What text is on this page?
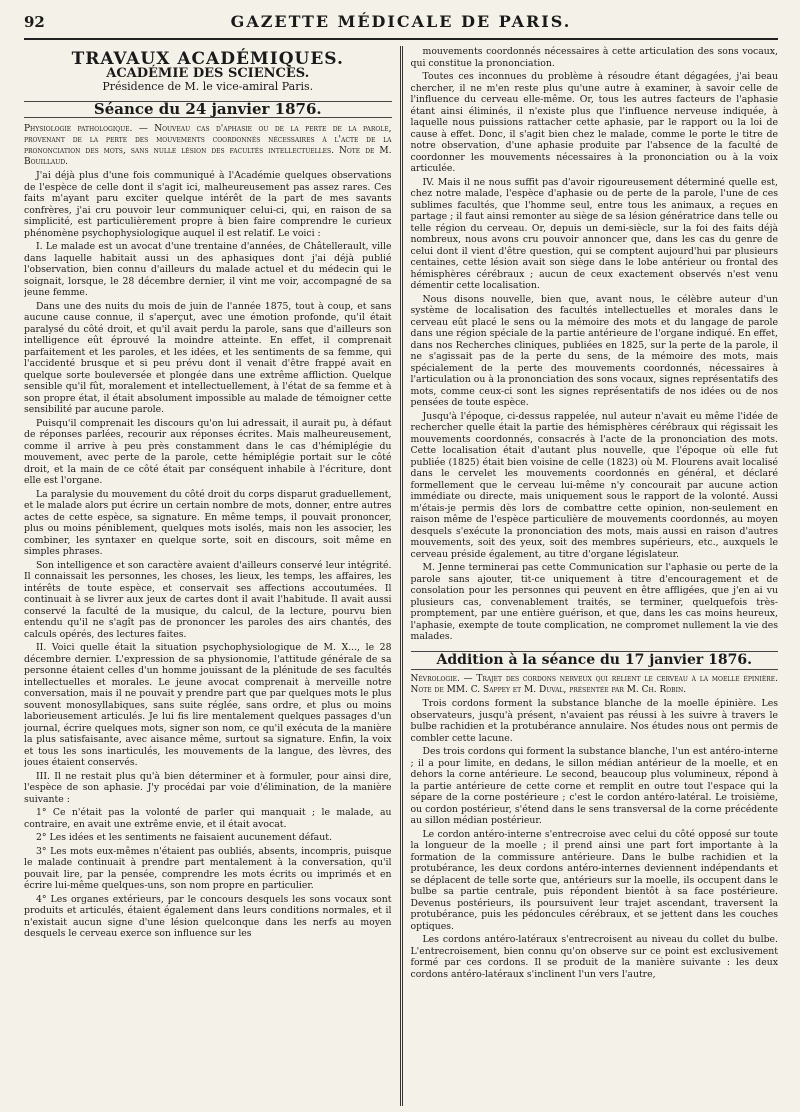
92	GAZETTE MÉDICALE DE PARIS.
TRAVAUX ACADÉMIQUES.
ACADÉMIE DES SCIENCES.
Présidence de M. le vice-amiral Paris.
Séance du 24 janvier 1876.

Physiologie pathologique. — Nouveau cas d'aphasie ou de la perte de la parole, provenant de la perte des mouvements coordonnés nécessaires à l'acte de la prononciation des mots, sans nulle lésion des facultés intellectuelles. Note de M. Bouillaud.

J'ai déjà plus d'une fois communiqué à l'Académie quelques observations de l'espèce de celle dont il s'agit ici, malheureusement pas assez rares. Ces faits m'ayant paru exciter quelque intérêt de la part de mes savants confrères, j'ai cru pouvoir leur communiquer celui-ci, qui, en raison de sa simplicité, est particulièrement propre à bien faire comprendre le curieux phénomène psychophysiologique auquel il est relatif. Le voici :

I. Le malade est un avocat d'une trentaine d'années, de Châtellerault, ville dans laquelle habitait aussi un des aphasiques dont j'ai déjà publié l'observation, bien connu d'ailleurs du malade actuel et du médecin qui le soignait, lorsque, le 28 décembre dernier, il vint me voir, accompagné de sa jeune femme.

Dans une des nuits du mois de juin de l'année 1875, tout à coup, et sans aucune cause connue, il s'aperçut, avec une émotion profonde, qu'il était paralysé du côté droit, et qu'il avait perdu la parole, sans que d'ailleurs son intelligence eût éprouvé la moindre atteinte. En effet, il comprenait parfaitement et les paroles, et les idées, et les sentiments de sa femme, qui l'accidenté brusque et si peu prévu dont il venait d'être frappé avait en quelque sorte bouleversée et plongée dans une extrême affliction. Quelque sensible qu'il fût, moralement et intellectuellement, à l'état de sa femme et à son propre état, il était absolument impossible au malade de témoigner cette sensibilité par aucune parole.

Puisqu'il comprenait les discours qu'on lui adressait, il aurait pu, à défaut de réponses parlées, recourir aux réponses écrites. Mais malheureusement, comme il arrive à peu près constamment dans le cas d'hémiplégie du mouvement, avec perte de la parole, cette hémiplégie portait sur le côté droit, et la main de ce côté était par conséquent inhabile à l'écriture, dont elle est l'organe.

La paralysie du mouvement du côté droit du corps disparut graduellement, et le malade alors put écrire un certain nombre de mots, donner, entre autres actes de cette espèce, sa signature. En même temps, il pouvait prononcer, plus ou moins péniblement, quelques mots isolés, mais non les associer, les combiner, les syntaxer en quelque sorte, soit en discours, soit même en simples phrases.

Son intelligence et son caractère avaient d'ailleurs conservé leur intégrité. Il connaissait les personnes, les choses, les lieux, les temps, les affaires, les intérêts de toute espèce, et conservait ses affections accoutumées. Il continuait à se livrer aux jeux de cartes dont il avait l'habitude. Il avait aussi conservé la faculté de la musique, du calcul, de la lecture, pourvu bien entendu qu'il ne s'agît pas de prononcer les paroles des airs chantés, des calculs opérés, des lectures faites.

II. Voici quelle était la situation psychophysiologique de M. X..., le 28 décembre dernier. L'expression de sa physionomie, l'attitude générale de sa personne étaient celles d'un homme jouissant de la plénitude de ses facultés intellectuelles et morales. Le jeune avocat comprenait à merveille notre conversation, mais il ne pouvait y prendre part que par quelques mots le plus souvent monosyllabiques, sans suite réglée, sans ordre, et plus ou moins laborieusement articulés. Je lui fis lire mentalement quelques passages d'un journal, écrire quelques mots, signer son nom, ce qu'il exécuta de la manière la plus satisfaisante, avec aisance même, surtout sa signature. Enfin, la voix et tous les sons inarticulés, les mouvements de la langue, des lèvres, des joues étaient conservés.

III. Il ne restait plus qu'à bien déterminer et à formuler, pour ainsi dire, l'espèce de son aphasie. J'y procédai par voie d'élimination, de la manière suivante :

1° Ce n'était pas la volonté de parler qui manquait ; le malade, au contraire, en avait une extrême envie, et il était avocat.

2° Les idées et les sentiments ne faisaient aucunement défaut.

3° Les mots eux-mêmes n'étaient pas oubliés, absents, incompris, puisque le malade continuait à prendre part mentalement à la conversation, qu'il pouvait lire, par la pensée, comprendre les mots écrits ou imprimés et en écrire lui-même quelques-uns, son nom propre en particulier.

4° Les organes extérieurs, par le concours desquels les sons vocaux sont produits et articulés, étaient également dans leurs conditions normales, et il n'existait aucun signe d'une lésion quelconque dans les nerfs au moyen desquels le cerveau exerce son influence sur les

mouvements coordonnés nécessaires à cette articulation des sons vocaux, qui constitue la prononciation.

Toutes ces inconnues du problème à résoudre étant dégagées, j'ai beau chercher, il ne m'en reste plus qu'une autre à examiner, à savoir celle de l'influence du cerveau elle-même. Or, tous les autres facteurs de l'aphasie étant ainsi éliminés, il n'existe plus que l'influence nerveuse indiquée, à laquelle nous puissions rattacher cette aphasie, par le rapport ou la loi de cause à effet. Donc, il s'agit bien chez le malade, comme le porte le titre de notre observation, d'une aphasie produite par l'absence de la faculté de coordonner les mouvements nécessaires à la prononciation ou à la voix articulée.

IV. Mais il ne nous suffit pas d'avoir rigoureusement déterminé quelle est, chez notre malade, l'espèce d'aphasie ou de perte de la parole, l'une de ces sublimes facultés, que l'homme seul, entre tous les animaux, a reçues en partage ; il faut ainsi remonter au siège de sa lésion génératrice dans telle ou telle région du cerveau. Or, depuis un demi-siècle, sur la foi des faits déjà nombreux, nous avons cru pouvoir annoncer que, dans les cas du genre de celui dont il vient d'être question, qui se comptent aujourd'hui par plusieurs centaines, cette lésion avait son siège dans le lobe antérieur ou frontal des hémisphères cérébraux ; aucun de ceux exactement observés n'est venu démentir cette localisation.

Nous disons nouvelle, bien que, avant nous, le célèbre auteur d'un système de localisation des facultés intellectuelles et morales dans le cerveau eût placé le sens ou la mémoire des mots et du langage de parole dans une région spéciale de la partie antérieure de l'organe indiqué. En effet, dans nos Recherches cliniques, publiées en 1825, sur la perte de la parole, il ne s'agissait pas de la perte du sens, de la mémoire des mots, mais spécialement de la perte des mouvements coordonnés, nécessaires à l'articulation ou à la prononciation des sons vocaux, signes représentatifs des mots, comme ceux-ci sont les signes représentatifs de nos idées ou de nos pensées de toute espèce.

Jusqu'à l'époque, ci-dessus rappelée, nul auteur n'avait eu même l'idée de rechercher quelle était la partie des hémisphères cérébraux qui régissait les mouvements coordonnés, consacrés à l'acte de la prononciation des mots. Cette localisation était d'autant plus nouvelle, que l'époque où elle fut publiée (1825) était bien voisine de celle (1823) où M. Flourens avait localisé dans le cervelet les mouvements coordonnés en général, et déclaré formellement que le cerveau lui-même n'y concourait par aucune action immédiate ou directe, mais uniquement sous le rapport de la volonté. Aussi m'étais-je permis dès lors de combattre cette opinion, non-seulement en raison même de l'espèce particulière de mouvements coordonnés, au moyen desquels s'exécute la prononciation des mots, mais aussi en raison d'autres mouvements, soit des yeux, soit des membres supérieurs, etc., auxquels le cerveau préside également, au titre d'organe législateur.

M. Jenne terminerai pas cette Communication sur l'aphasie ou perte de la parole sans ajouter, tit-ce uniquement à titre d'encouragement et de consolation pour les personnes qui peuvent en être affligées, que j'en ai vu plusieurs cas, convenablement traités, se terminer, quelquefois très-promptement, par une entière guérison, et que, dans les cas moins heureux, l'aphasie, exempte de toute complication, ne compromet nullement la vie des malades.

Addition à la séance du 17 janvier 1876.

Névrologie. — Trajet des cordons nerveux qui relient le cerveau à la moelle épinière. Note de MM. C. Sappey et M. Duval, présentée par M. Ch. Robin.

Trois cordons forment la substance blanche de la moelle épinière. Les observateurs, jusqu'à présent, n'avaient pas réussi à les suivre à travers le bulbe rachidien et la protubérance annulaire. Nos études nous ont permis de combler cette lacune.

Des trois cordons qui forment la substance blanche, l'un est antéro-interne ; il a pour limite, en dedans, le sillon médian antérieur de la moelle, et en dehors la corne antérieure. Le second, beaucoup plus volumineux, répond à la partie antérieure de cette corne et remplit en outre tout l'espace qui la sépare de la corne postérieure ; c'est le cordon antéro-latéral. Le troisième, ou cordon postérieur, s'étend dans le sens transversal de la corne précédente au sillon médian postérieur.

Le cordon antéro-interne s'entrecroise avec celui du côté opposé sur toute la longueur de la moelle ; il prend ainsi une part fort importante à la formation de la commissure antérieure. Dans le bulbe rachidien et la protubérance, les deux cordons antéro-internes deviennent indépendants et se déplacent de telle sorte que, antérieurs sur la moelle, ils occupent dans le bulbe sa partie centrale, puis répondent bientôt à sa face postérieure. Devenus postérieurs, ils poursuivent leur trajet ascendant, traversent la protubérance, puis les pédoncules cérébraux, et se jettent dans les couches optiques.

Les cordons antéro-latéraux s'entrecroisent au niveau du collet du bulbe. L'entrecroisement, bien connu qu'on observe sur ce point est exclusivement formé par ces cordons. Il se produit de la manière suivante : les deux cordons antéro-latéraux s'inclinent l'un vers l'autre,
